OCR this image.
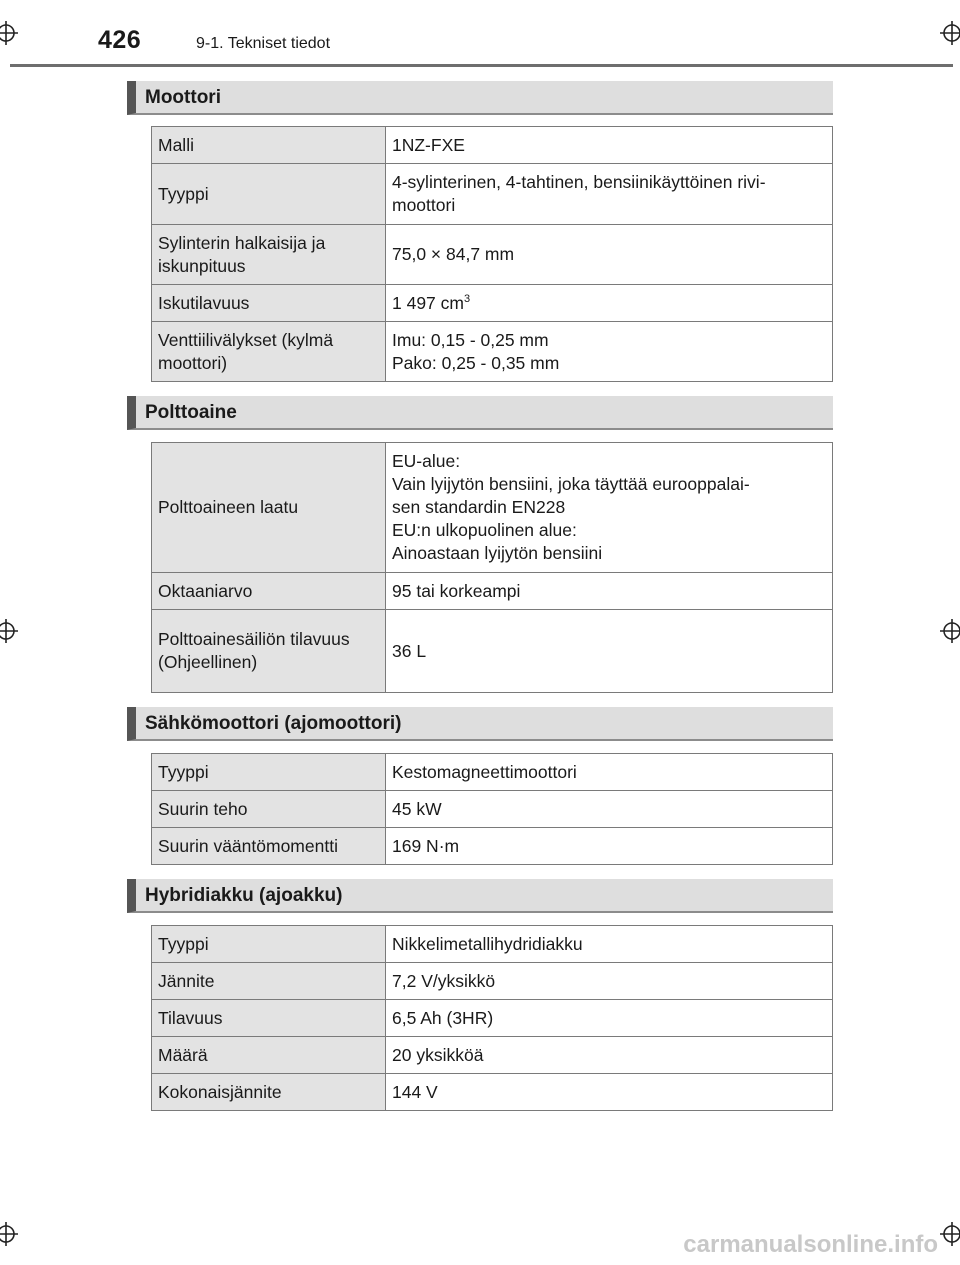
426	9-1. Tekniset tiedot
Moottori
Malli	1NZ-FXE
Tyyppi	4-sylinterinen, 4-tahtinen, bensiinikäyttöinen rivi-
moottori

Sylinterin halkaisija ja iskunpituus	75,0 × 84,7 mm
Iskutilavuus	1 497 $cm^3$
Venttiilivälykset (kylmä moottori)	Imu: 0,15 - 0,25 mm
Pako: 0,25 - 0,35 mm
Polttoaine
Polttoaineen laatu	EU-alue:
Vain lyijytön bensiini, joka täyttää eurooppalai-
sen standardin EN228
EU:n ulkopuolinen alue:
Ainoastaan lyijytön bensiini

Oktaaniarvo	95 tai korkeampi
Polttoainesäiliön tilavuus (Ohjeellinen)	36 L
Sähkömoottori (ajomoottori)
Tyyppi	Kestomagneettimoottori
Suurin teho	45 kW
Suurin vääntömomentti	169 N·m
Hybridiakku (ajoakku)
Tyyppi	Nikkelimetallihydridiakku
Jännite	7,2 V/yksikkö
Tilavuus	6,5 Ah (3HR)
Määrä	20 yksikköä
Kokonaisjännite	144 V
carmanualsonline.info
